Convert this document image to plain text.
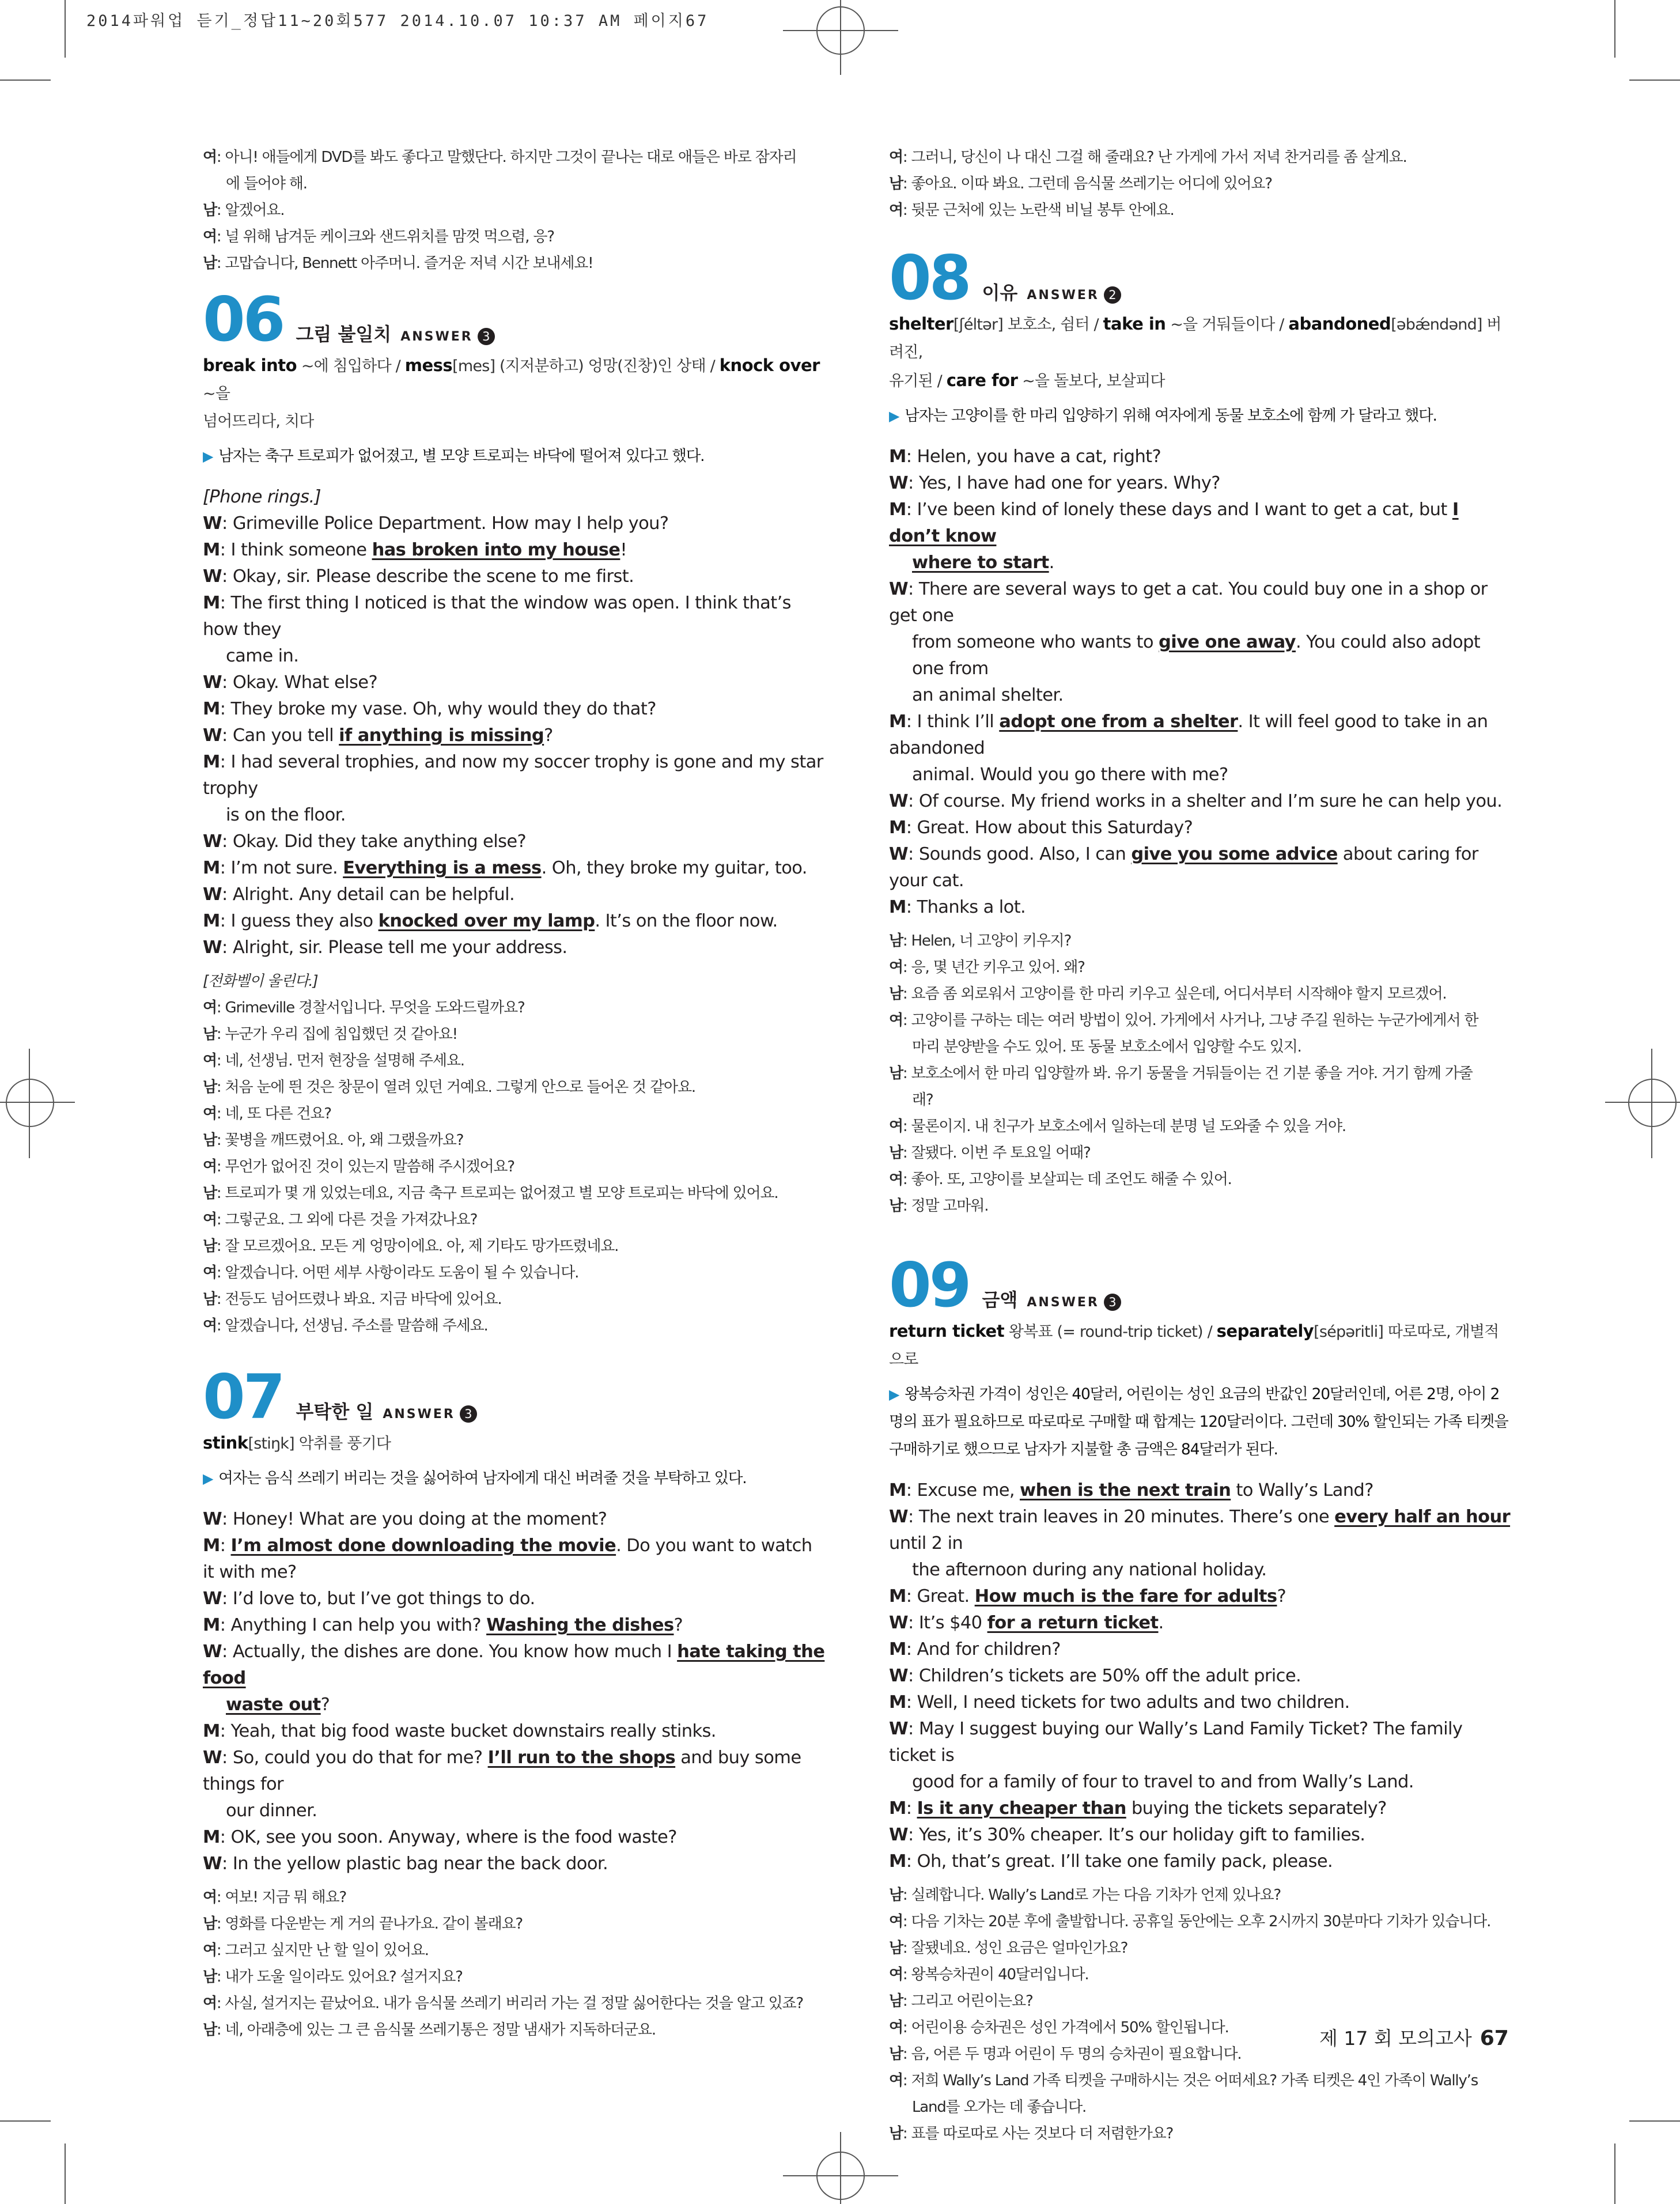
2014파워업 듣기_정답11~20회577 2014.10.07 10:37 AM 페이지67
여: 아니! 애들에게 DVD를 봐도 좋다고 말했단다. 하지만 그것이 끝나는 대로 애들은 바로 잠자리
에 들어야 해.
남: 알겠어요.
여: 널 위해 남겨둔 케이크와 샌드위치를 맘껏 먹으렴, 응?
남: 고맙습니다, Bennett 아주머니. 즐거운 저녁 시간 보내세요!
06 그림 불일치 ANSWER 3
break into ~에 침입하다 / mess[mes] (지저분하고) 엉망(진창)인 상태 / knock over ~을
넘어뜨리다, 치다
▶ 남자는 축구 트로피가 없어졌고, 별 모양 트로피는 바닥에 떨어져 있다고 했다.
[Phone rings.]
W: Grimeville Police Department. How may I help you?
M: I think someone has broken into my house!
W: Okay, sir. Please describe the scene to me first.
M: The first thing I noticed is that the window was open. I think that’s how they
came in.
W: Okay. What else?
M: They broke my vase. Oh, why would they do that?
W: Can you tell if anything is missing?
M: I had several trophies, and now my soccer trophy is gone and my star trophy
is on the floor.
W: Okay. Did they take anything else?
M: I’m not sure. Everything is a mess. Oh, they broke my guitar, too.
W: Alright. Any detail can be helpful.
M: I guess they also knocked over my lamp. It’s on the floor now.
W: Alright, sir. Please tell me your address.
[전화벨이 울린다.]
여: Grimeville 경찰서입니다. 무엇을 도와드릴까요?
남: 누군가 우리 집에 침입했던 것 같아요!
여: 네, 선생님. 먼저 현장을 설명해 주세요.
남: 처음 눈에 띈 것은 창문이 열려 있던 거예요. 그렇게 안으로 들어온 것 같아요.
여: 네, 또 다른 건요?
남: 꽃병을 깨뜨렸어요. 아, 왜 그랬을까요?
여: 무언가 없어진 것이 있는지 말씀해 주시겠어요?
남: 트로피가 몇 개 있었는데요, 지금 축구 트로피는 없어졌고 별 모양 트로피는 바닥에 있어요.
여: 그렇군요. 그 외에 다른 것을 가져갔나요?
남: 잘 모르겠어요. 모든 게 엉망이에요. 아, 제 기타도 망가뜨렸네요.
여: 알겠습니다. 어떤 세부 사항이라도 도움이 될 수 있습니다.
남: 전등도 넘어뜨렸나 봐요. 지금 바닥에 있어요.
여: 알겠습니다, 선생님. 주소를 말씀해 주세요.
07 부탁한 일 ANSWER 3
stink[stiŋk] 악취를 풍기다
▶ 여자는 음식 쓰레기 버리는 것을 싫어하여 남자에게 대신 버려줄 것을 부탁하고 있다.
W: Honey! What are you doing at the moment?
M: I’m almost done downloading the movie. Do you want to watch it with me?
W: I’d love to, but I’ve got things to do.
M: Anything I can help you with? Washing the dishes?
W: Actually, the dishes are done. You know how much I hate taking the food
waste out?
M: Yeah, that big food waste bucket downstairs really stinks.
W: So, could you do that for me? I’ll run to the shops and buy some things for
our dinner.
M: OK, see you soon. Anyway, where is the food waste?
W: In the yellow plastic bag near the back door.
여: 여보! 지금 뭐 해요?
남: 영화를 다운받는 게 거의 끝나가요. 같이 볼래요?
여: 그러고 싶지만 난 할 일이 있어요.
남: 내가 도울 일이라도 있어요? 설거지요?
여: 사실, 설거지는 끝났어요. 내가 음식물 쓰레기 버리러 가는 걸 정말 싫어한다는 것을 알고 있죠?
남: 네, 아래층에 있는 그 큰 음식물 쓰레기통은 정말 냄새가 지독하더군요.
여: 그러니, 당신이 나 대신 그걸 해 줄래요? 난 가게에 가서 저녁 찬거리를 좀 살게요.
남: 좋아요. 이따 봐요. 그런데 음식물 쓰레기는 어디에 있어요?
여: 뒷문 근처에 있는 노란색 비닐 봉투 안에요.
08 이유 ANSWER 2
shelter[ʃéltər] 보호소, 쉼터 / take in ~을 거둬들이다 / abandoned[əbǽndənd] 버려진,
유기된 / care for ~을 돌보다, 보살피다
▶ 남자는 고양이를 한 마리 입양하기 위해 여자에게 동물 보호소에 함께 가 달라고 했다.
M: Helen, you have a cat, right?
W: Yes, I have had one for years. Why?
M: I’ve been kind of lonely these days and I want to get a cat, but I don’t know
where to start.
W: There are several ways to get a cat. You could buy one in a shop or get one
from someone who wants to give one away. You could also adopt one from
an animal shelter.
M: I think I’ll adopt one from a shelter. It will feel good to take in an abandoned
animal. Would you go there with me?
W: Of course. My friend works in a shelter and I’m sure he can help you.
M: Great. How about this Saturday?
W: Sounds good. Also, I can give you some advice about caring for your cat.
M: Thanks a lot.
남: Helen, 너 고양이 키우지?
여: 응, 몇 년간 키우고 있어. 왜?
남: 요즘 좀 외로워서 고양이를 한 마리 키우고 싶은데, 어디서부터 시작해야 할지 모르겠어.
여: 고양이를 구하는 데는 여러 방법이 있어. 가게에서 사거나, 그냥 주길 원하는 누군가에게서 한
마리 분양받을 수도 있어. 또 동물 보호소에서 입양할 수도 있지.
남: 보호소에서 한 마리 입양할까 봐. 유기 동물을 거둬들이는 건 기분 좋을 거야. 거기 함께 가줄
래?
여: 물론이지. 내 친구가 보호소에서 일하는데 분명 널 도와줄 수 있을 거야.
남: 잘됐다. 이번 주 토요일 어때?
여: 좋아. 또, 고양이를 보살피는 데 조언도 해줄 수 있어.
남: 정말 고마워.
09 금액 ANSWER 3
return ticket 왕복표 (= round-trip ticket) / separately[sépəritli] 따로따로, 개별적으로
▶ 왕복승차권 가격이 성인은 40달러, 어린이는 성인 요금의 반값인 20달러인데, 어른 2명, 아이 2
명의 표가 필요하므로 따로따로 구매할 때 합계는 120달러이다. 그런데 30% 할인되는 가족 티켓을
구매하기로 했으므로 남자가 지불할 총 금액은 84달러가 된다.
M: Excuse me, when is the next train to Wally’s Land?
W: The next train leaves in 20 minutes. There’s one every half an hour until 2 in
the afternoon during any national holiday.
M: Great. How much is the fare for adults?
W: It’s $40 for a return ticket.
M: And for children?
W: Children’s tickets are 50% off the adult price.
M: Well, I need tickets for two adults and two children.
W: May I suggest buying our Wally’s Land Family Ticket? The family ticket is
good for a family of four to travel to and from Wally’s Land.
M: Is it any cheaper than buying the tickets separately?
W: Yes, it’s 30% cheaper. It’s our holiday gift to families.
M: Oh, that’s great. I’ll take one family pack, please.
남: 실례합니다. Wally’s Land로 가는 다음 기차가 언제 있나요?
여: 다음 기차는 20분 후에 출발합니다. 공휴일 동안에는 오후 2시까지 30분마다 기차가 있습니다.
남: 잘됐네요. 성인 요금은 얼마인가요?
여: 왕복승차권이 40달러입니다.
남: 그리고 어린이는요?
여: 어린이용 승차권은 성인 가격에서 50% 할인됩니다.
남: 음, 어른 두 명과 어린이 두 명의 승차권이 필요합니다.
여: 저희 Wally’s Land 가족 티켓을 구매하시는 것은 어떠세요? 가족 티켓은 4인 가족이 Wally’s
Land를 오가는 데 좋습니다.
남: 표를 따로따로 사는 것보다 더 저렴한가요?
제 17 회 모의고사 67
